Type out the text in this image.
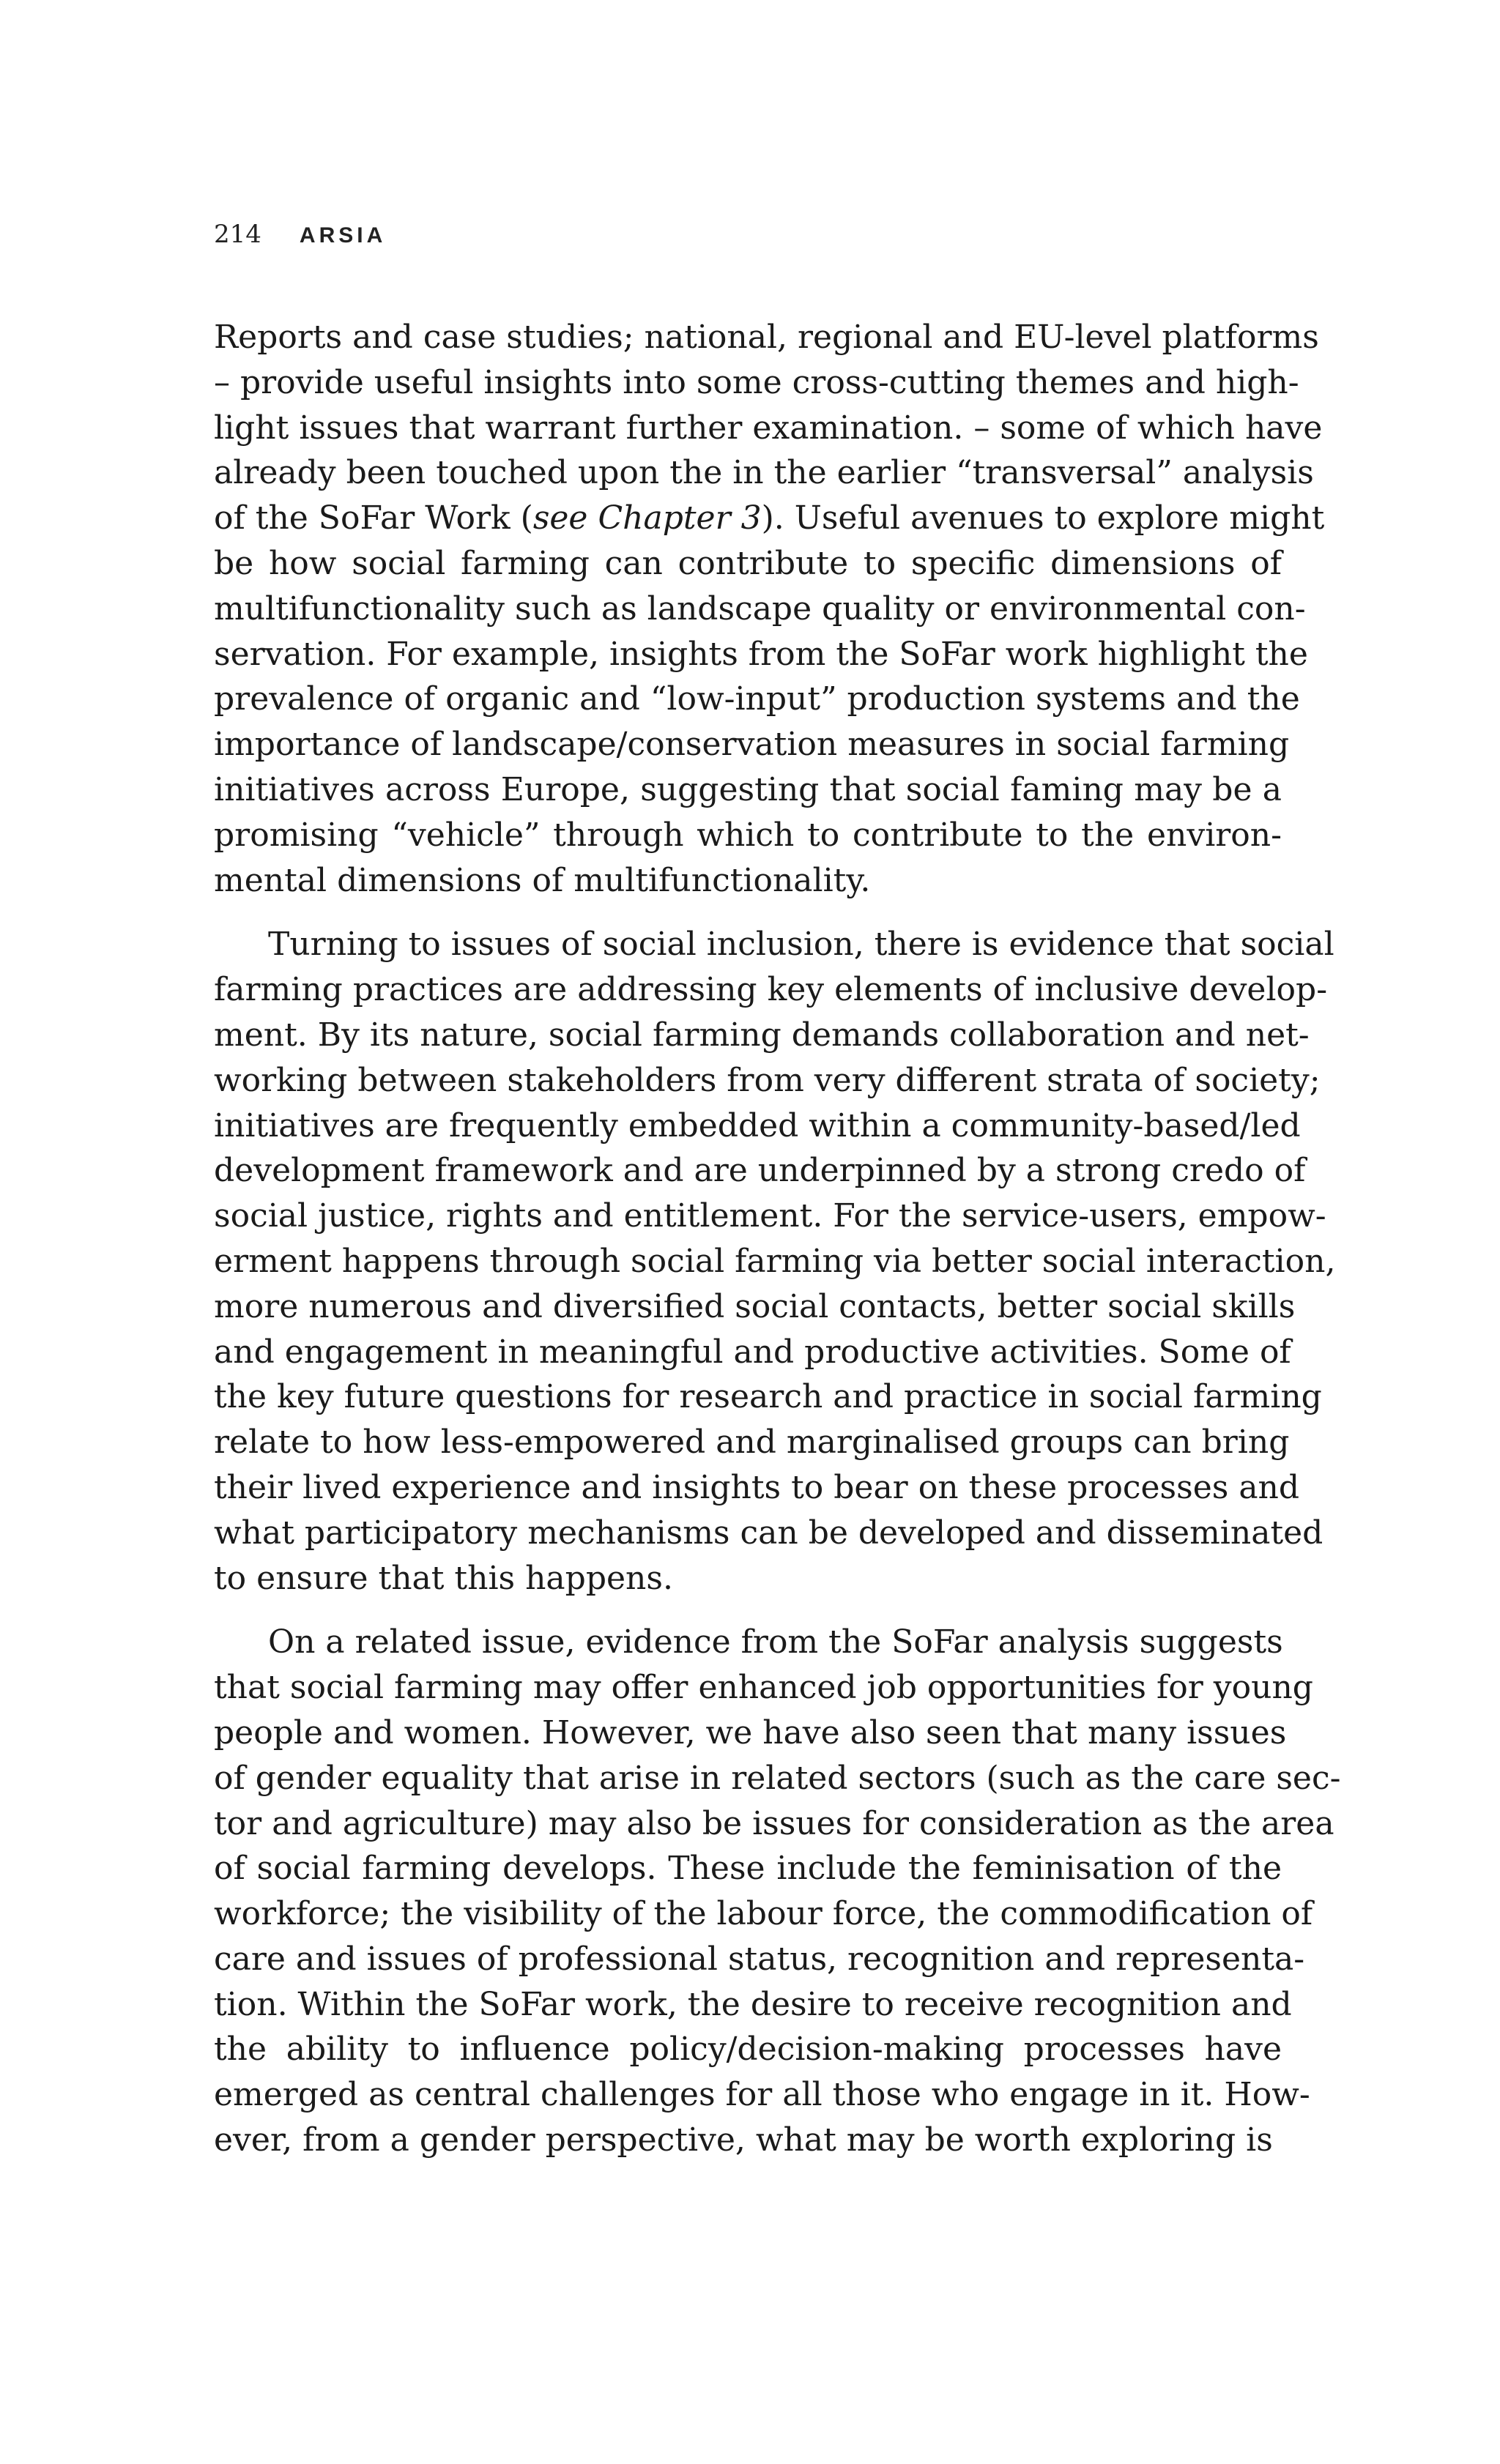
214 ARSIA

Reports and case studies; national, regional and EU-level platforms
– provide useful insights into some cross-cutting themes and high-
light issues that warrant further examination. – some of which have
already been touched upon the in the earlier “transversal” analysis
of the SoFar Work (see Chapter 3). Useful avenues to explore might
be how social farming can contribute to specific dimensions of
multifunctionality such as landscape quality or environmental con-
servation. For example, insights from the SoFar work highlight the
prevalence of organic and “low-input” production systems and the
importance of landscape/conservation measures in social farming
initiatives across Europe, suggesting that social faming may be a
promising “vehicle” through which to contribute to the environ-
mental dimensions of multifunctionality.

Turning to issues of social inclusion, there is evidence that social
farming practices are addressing key elements of inclusive develop-
ment. By its nature, social farming demands collaboration and net-
working between stakeholders from very different strata of society;
initiatives are frequently embedded within a community-based/led
development framework and are underpinned by a strong credo of
social justice, rights and entitlement. For the service-users, empow-
erment happens through social farming via better social interaction,
more numerous and diversified social contacts, better social skills
and engagement in meaningful and productive activities. Some of
the key future questions for research and practice in social farming
relate to how less-empowered and marginalised groups can bring
their lived experience and insights to bear on these processes and
what participatory mechanisms can be developed and disseminated
to ensure that this happens.

On a related issue, evidence from the SoFar analysis suggests
that social farming may offer enhanced job opportunities for young
people and women. However, we have also seen that many issues
of gender equality that arise in related sectors (such as the care sec-
tor and agriculture) may also be issues for consideration as the area
of social farming develops. These include the feminisation of the
workforce; the visibility of the labour force, the commodification of
care and issues of professional status, recognition and representa-
tion. Within the SoFar work, the desire to receive recognition and
the ability to influence policy/decision-making processes have
emerged as central challenges for all those who engage in it. How-
ever, from a gender perspective, what may be worth exploring is
